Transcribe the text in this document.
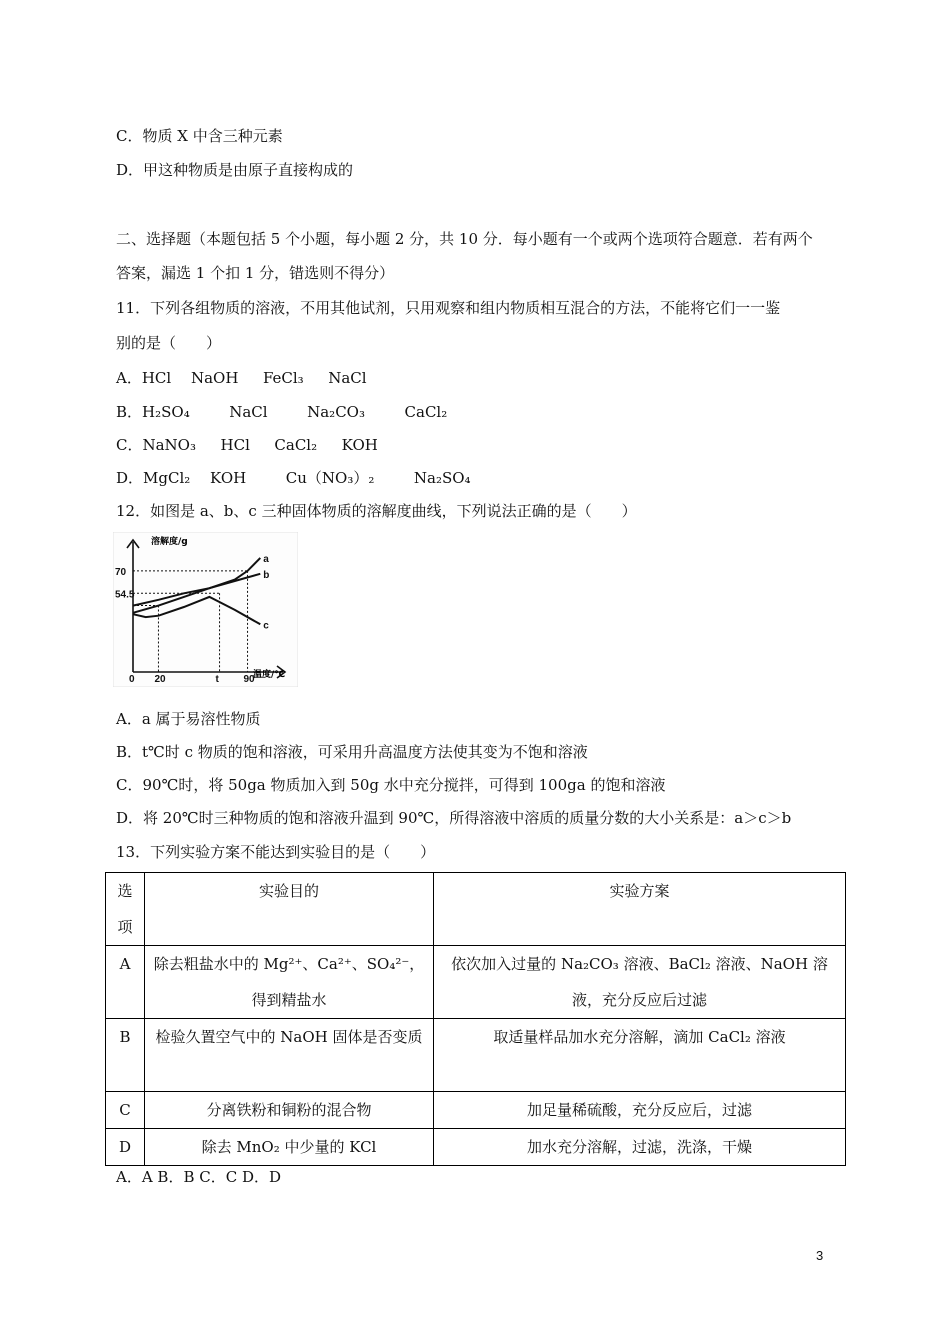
C．物质 X 中含三种元素
D．甲这种物质是由原子直接构成的
二、选择题（本题包括 5 个小题，每小题 2 分，共 10 分．每小题有一个或两个选项符合题意．若有两个
答案，漏选 1 个扣 1 分，错选则不得分）
11．下列各组物质的溶液，不用其他试剂，只用观察和组内物质相互混合的方法，不能将它们一一鉴
别的是（　　）
A．HCl　 NaOH 　 FeCl₃ 　 NaCl
B．H₂SO₄ 　 　NaCl 　 　Na₂CO₃ 　 　CaCl₂
C．NaNO₃ 　 HCl 　 CaCl₂ 　 KOH
D．MgCl₂ 　KOH 　 　Cu（NO₃）₂ 　 　Na₂SO₄
12．如图是 a、b、c 三种固体物质的溶解度曲线，下列说法正确的是（　　）
a
b
c
0 20	t 90
54.5
70
溶解度/g
温度/℃
A．a 属于易溶性物质
B．t℃时 c 物质的饱和溶液，可采用升高温度方法使其变为不饱和溶液
C．90℃时，将 50ga 物质加入到 50g 水中充分搅拌，可得到 100ga 的饱和溶液
D．将 20℃时三种物质的饱和溶液升温到 90℃，所得溶液中溶质的质量分数的大小关系是：a＞c＞b
13．下列实验方案不能达到实验目的是（　　）
选项	实验目的	实验方案
A	除去粗盐水中的 Mg²⁺、Ca²⁺、SO₄²⁻，得到精盐水	依次加入过量的 Na₂CO₃ 溶液、BaCl₂ 溶液、NaOH 溶液，充分反应后过滤
B	检验久置空气中的 NaOH 固体是否变质	取适量样品加水充分溶解，滴加 CaCl₂ 溶液
C	分离铁粉和铜粉的混合物	加足量稀硫酸，充分反应后，过滤
D	除去 MnO₂ 中少量的 KCl	加水充分溶解，过滤，洗涤，干燥
A．A B．B C．C D．D
3
